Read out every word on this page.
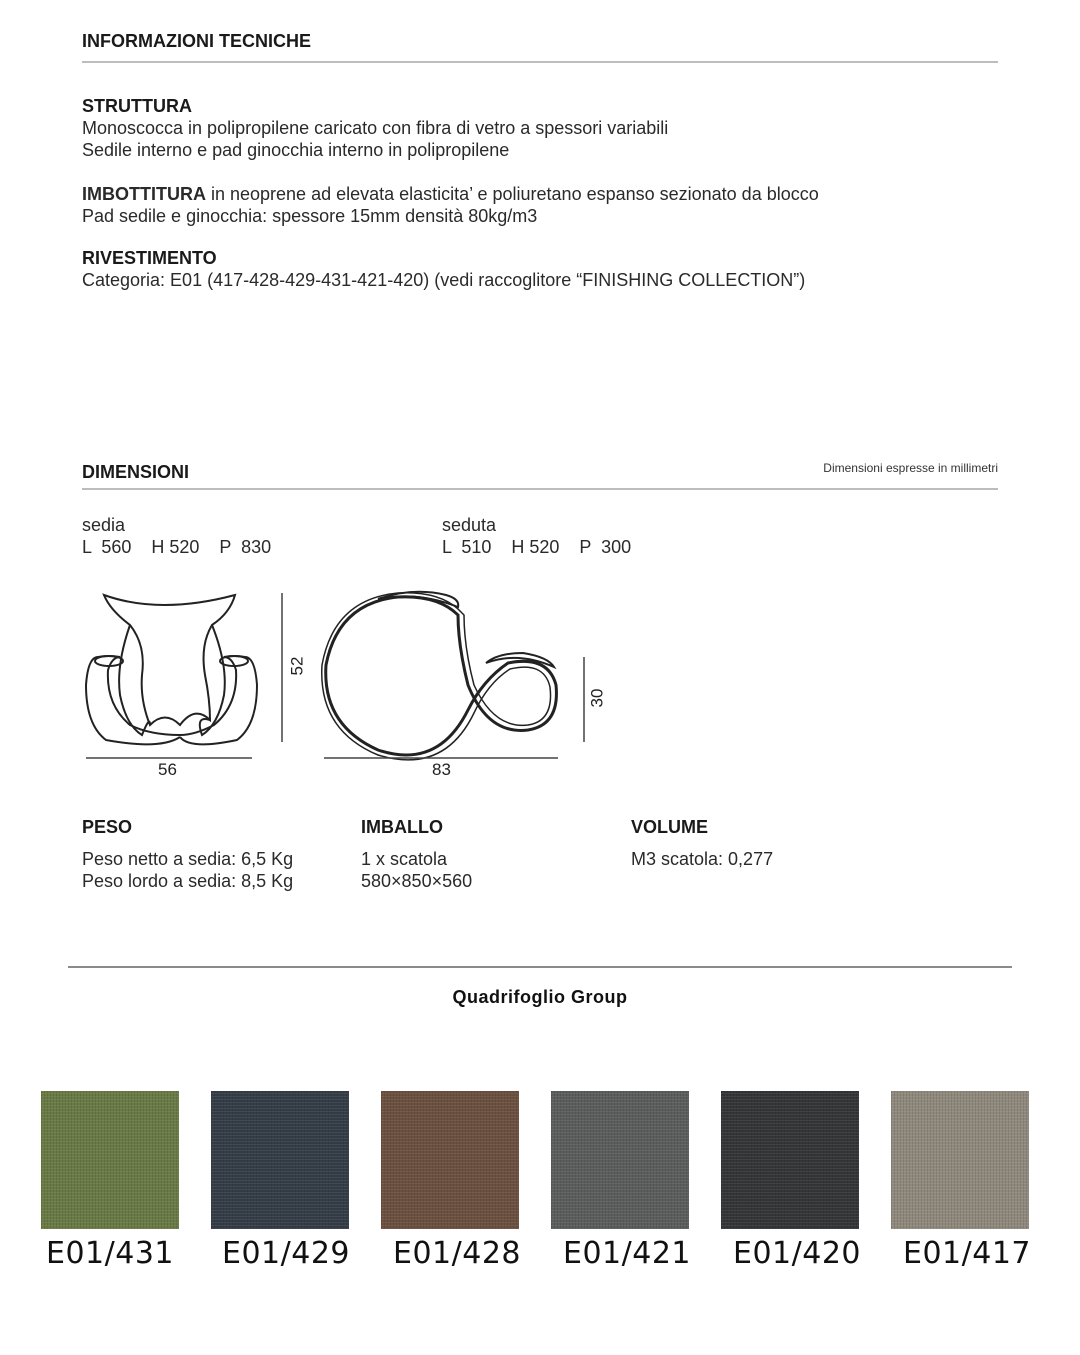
INFORMAZIONI TECNICHE
STRUTTURA
Monoscocca in polipropilene caricato con fibra di vetro a spessori variabili
Sedile interno e pad ginocchia interno in polipropilene
IMBOTTITURA in neoprene ad elevata elasticita’ e poliuretano espanso sezionato da blocco
Pad sedile e ginocchia: spessore 15mm densità 80kg/m3
RIVESTIMENTO
Categoria: E01 (417-428-429-431-421-420) (vedi raccoglitore “FINISHING COLLECTION”)
DIMENSIONI	Dimensioni espresse in millimetri
sedia
L  560    H 520    P  830
seduta
L  510    H 520    P  300
56
52
83
30
PESO
Peso netto a sedia: 6,5 Kg
Peso lordo a sedia: 8,5 Kg
IMBALLO
1 x scatola
580×850×560
VOLUME
M3 scatola: 0,277
Quadrifoglio Group
E01/431	E01/429	E01/428	E01/421	E01/420	E01/417
